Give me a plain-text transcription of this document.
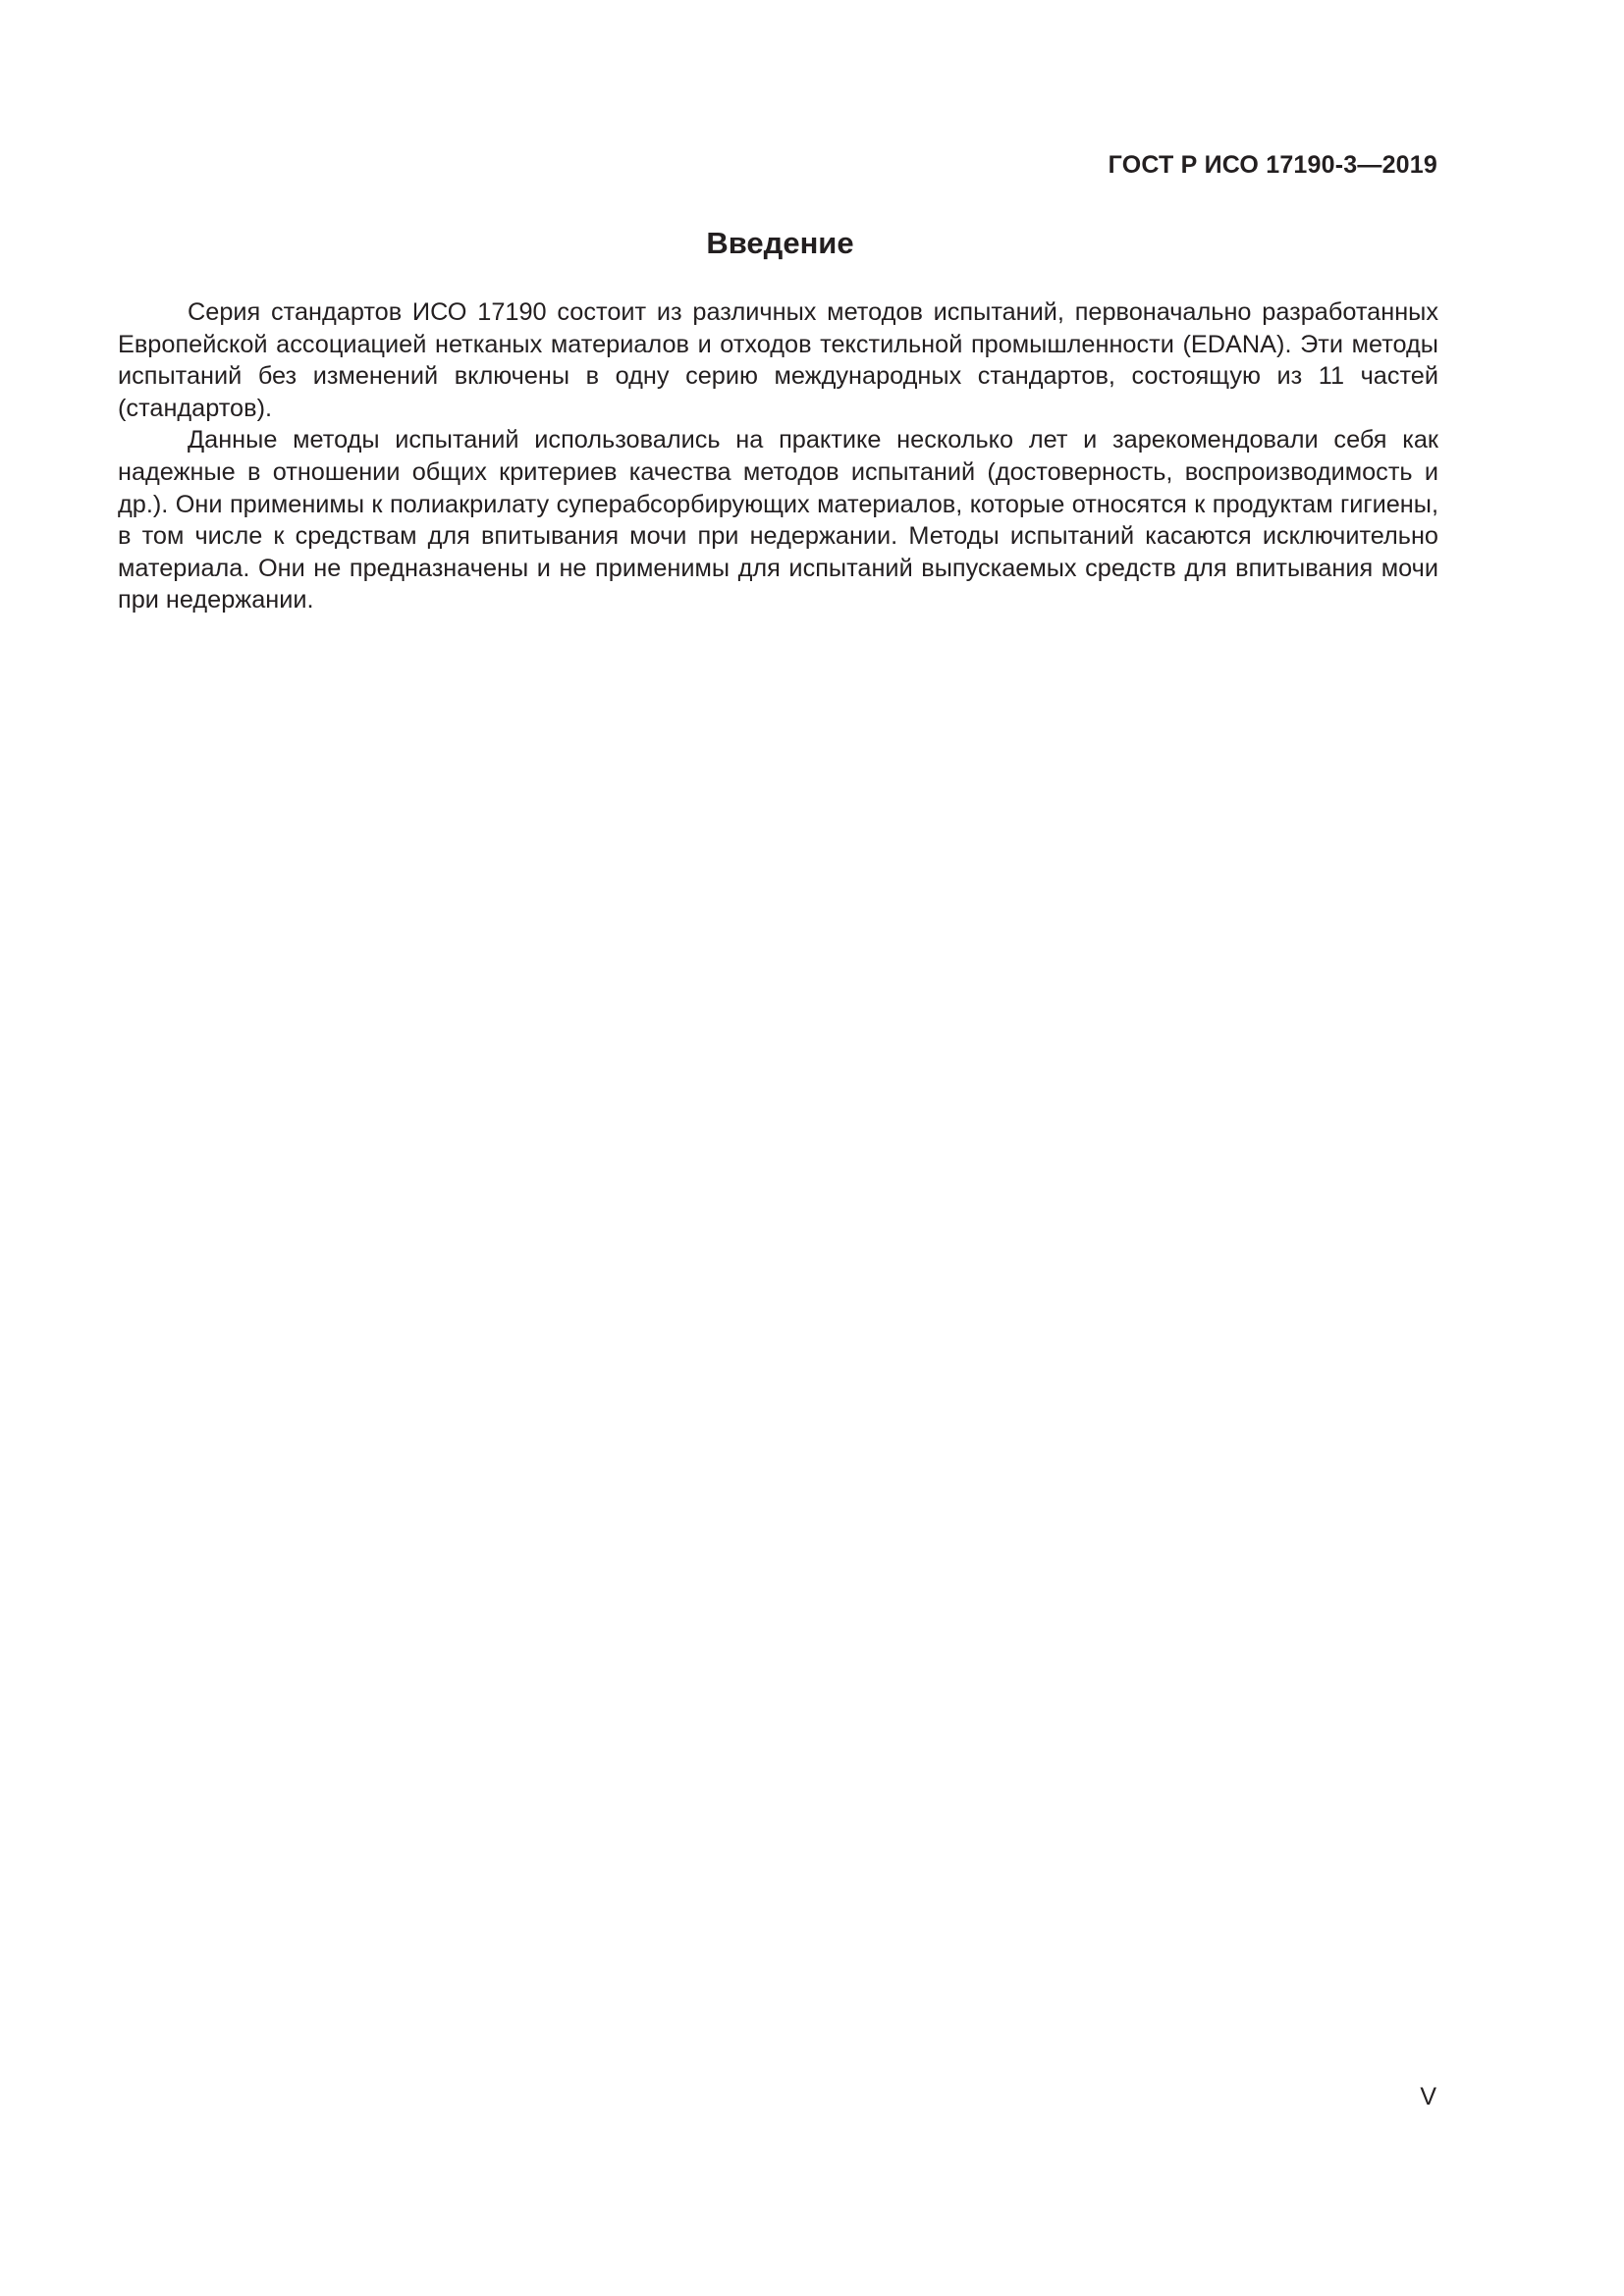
ГОСТ Р ИСО 17190-3—2019
Введение

Серия стандартов ИСО 17190 состоит из различных методов испытаний, первоначально разработанных Европейской ассоциацией нетканых материалов и отходов текстильной промышленности (EDANA). Эти методы испытаний без изменений включены в одну серию международных стандартов, состоящую из 11 частей (стандартов).

Данные методы испытаний использовались на практике несколько лет и зарекомендовали себя как надежные в отношении общих критериев качества методов испытаний (достоверность, воспроизводимость и др.). Они применимы к полиакрилату суперабсорбирующих материалов, которые относятся к продуктам гигиены, в том числе к средствам для впитывания мочи при недержании. Методы испытаний касаются исключительно материала. Они не предназначены и не применимы для испытаний выпускаемых средств для впитывания мочи при недержании.

V
